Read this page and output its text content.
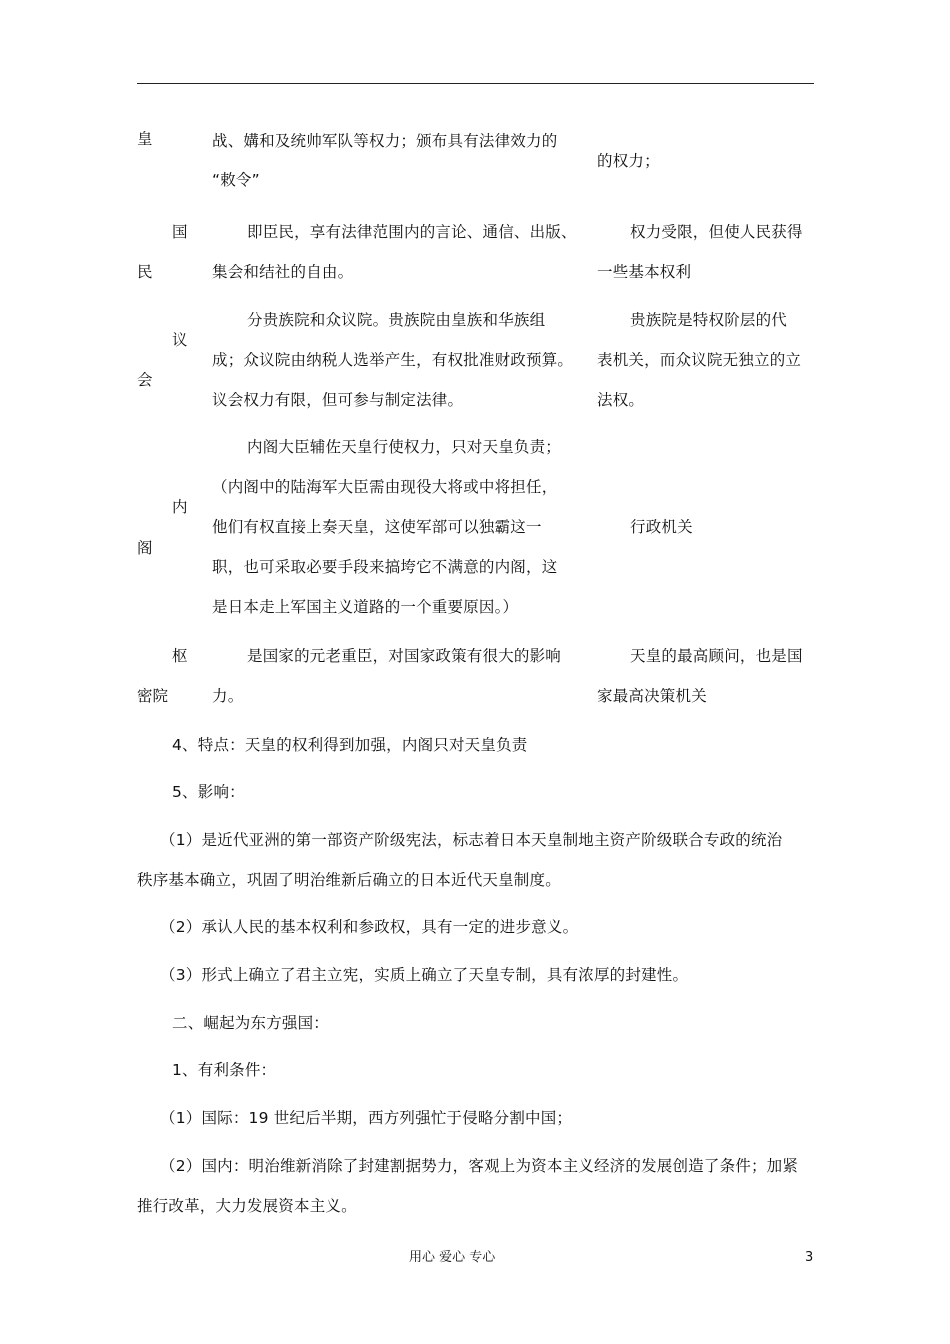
皇	战、媾和及统帅军队等权力；颁布具有法律效力的
“敕令”
的权力；
国
民
即臣民，享有法律范围内的言论、通信、出版、
集会和结社的自由。
权力受限，但使人民获得
一些基本权利
议
会
分贵族院和众议院。贵族院由皇族和华族组
成；众议院由纳税人选举产生，有权批准财政预算。
议会权力有限，但可参与制定法律。
贵族院是特权阶层的代
表机关，而众议院无独立的立
法权。
内
阁
内阁大臣辅佐天皇行使权力，只对天皇负责；
（内阁中的陆海军大臣需由现役大将或中将担任，
他们有权直接上奏天皇，这使军部可以独霸这一
职，也可采取必要手段来搞垮它不满意的内阁，这
是日本走上军国主义道路的一个重要原因。）
行政机关
枢
密院
是国家的元老重臣，对国家政策有很大的影响
力。
天皇的最高顾问，也是国
家最高决策机关
4、特点：天皇的权利得到加强，内阁只对天皇负责
5、影响：
（1）是近代亚洲的第一部资产阶级宪法，标志着日本天皇制地主资产阶级联合专政的统治
秩序基本确立，巩固了明治维新后确立的日本近代天皇制度。
（2）承认人民的基本权利和参政权，具有一定的进步意义。
（3）形式上确立了君主立宪，实质上确立了天皇专制，具有浓厚的封建性。
二、崛起为东方强国：
1、有利条件：
（1）国际：19 世纪后半期，西方列强忙于侵略分割中国；
（2）国内：明治维新消除了封建割据势力，客观上为资本主义经济的发展创造了条件；加紧
推行改革，大力发展资本主义。
用心 爱心 专心	3
